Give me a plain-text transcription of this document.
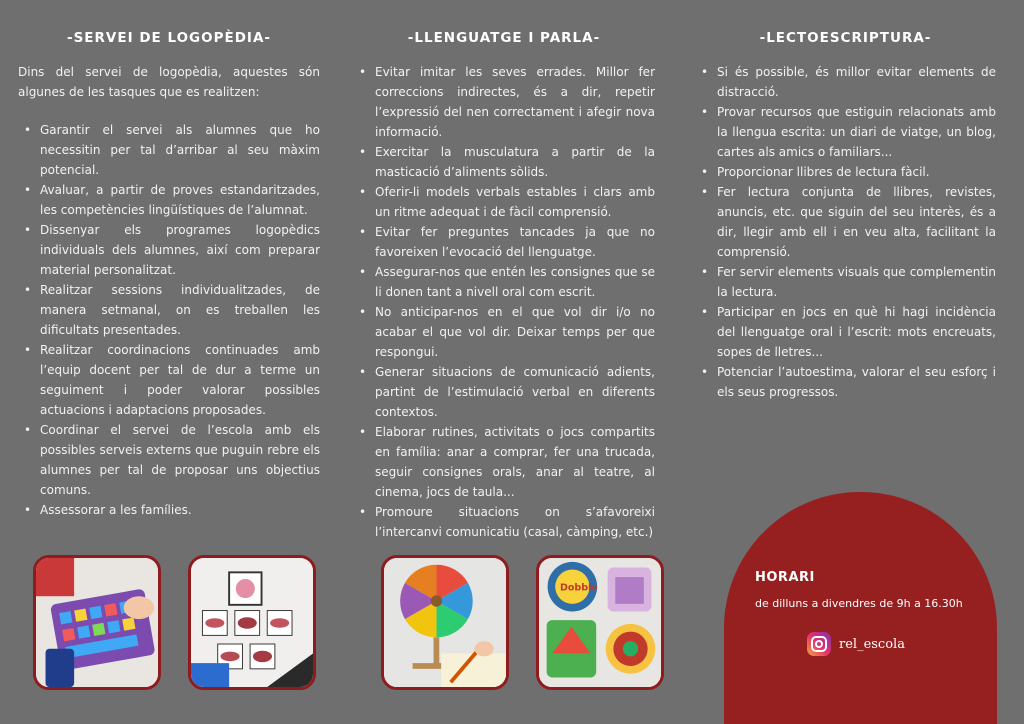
-SERVEI DE LOGOPÈDIA-

Dins del servei de logopèdia, aquestes són algunes de les tasques que es realitzen:

• Garantir el servei als alumnes que ho necessitin per tal d’arribar al seu màxim potencial.
• Avaluar, a partir de proves estandaritzades, les competències lingüístiques de l’alumnat.
• Dissenyar els programes logopèdics individuals dels alumnes, així com preparar material personalitzat.
• Realitzar sessions individualitzades, de manera setmanal, on es treballen les dificultats presentades.
• Realitzar coordinacions continuades amb l’equip docent per tal de dur a terme un seguiment i poder valorar possibles actuacions i adaptacions proposades.
• Coordinar el servei de l’escola amb els possibles serveis externs que puguin rebre els alumnes per tal de proposar uns objectius comuns.
• Assessorar a les famílies.
-LLENGUATGE I PARLA-
• Evitar imitar les seves errades. Millor fer correccions indirectes, és a dir, repetir l’expressió del nen correctament i afegir nova informació.
• Exercitar la musculatura a partir de la masticació d’aliments sòlids.
• Oferir-li models verbals estables i clars amb un ritme adequat i de fàcil comprensió.
• Evitar fer preguntes tancades ja que no favoreixen l’evocació del llenguatge.
• Assegurar-nos que entén les consignes que se li donen tant a nivell oral com escrit.
• No anticipar-nos en el que vol dir i/o no acabar el que vol dir. Deixar temps per que respongui.
• Generar situacions de comunicació adients, partint de l’estimulació verbal en diferents contextos.
• Elaborar rutines, activitats o jocs compartits en família: anar a comprar, fer una trucada, seguir consignes orals, anar al teatre, al cinema, jocs de taula...
• Promoure situacions on s’afavoreixi l’intercanvi comunicatiu (casal, càmping, etc.)
-LECTOESCRIPTURA-
• Si és possible, és millor evitar elements de distracció.
• Provar recursos que estiguin relacionats amb la llengua escrita: un diari de viatge, un blog, cartes als amics o familiars...
• Proporcionar llibres de lectura fàcil.
• Fer lectura conjunta de llibres, revistes, anuncis, etc. que siguin del seu interès, és a dir, llegir amb ell i en veu alta, facilitant la comprensió.
• Fer servir elements visuals que complementin la lectura.
• Participar en jocs en què hi hagi incidència del llenguatge oral i l’escrit: mots encreuats, sopes de lletres...
• Potenciar l’autoestima, valorar el seu esforç i els seus progressos.
Dobble
HORARI
de dilluns a divendres de 9h a 16.30h
rel_escola
